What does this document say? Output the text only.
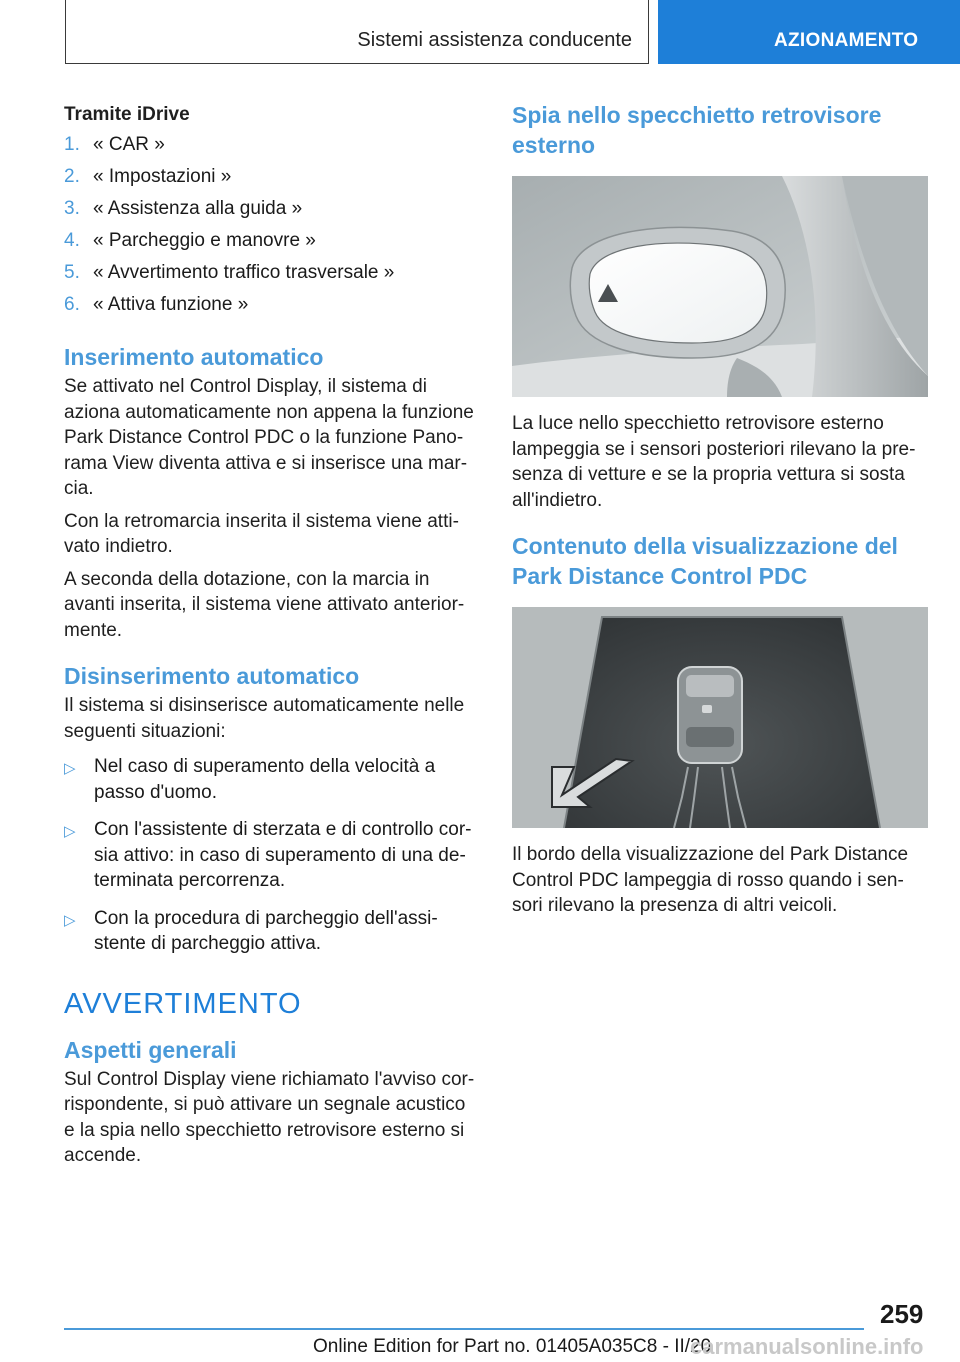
Sistemi assistenza conducente	AZIONAMENTO
Tramite iDrive
1. « CAR »
2. « Impostazioni »
3. « Assistenza alla guida »
4. « Parcheggio e manovre »
5. « Avvertimento traffico trasversale »
6. « Attiva funzione »
Inserimento automatico

Se attivato nel Control Display, il sistema di aziona automaticamente non appena la funzione Park Distance Control PDC o la funzione Panorama View diventa attiva e si inserisce una marcia.

Con la retromarcia inserita il sistema viene attivato indietro.

A seconda della dotazione, con la marcia in avanti inserita, il sistema viene attivato anteriormente.

Disinserimento automatico

Il sistema si disinserisce automaticamente nelle seguenti situazioni:

▷ Nel caso di superamento della velocità a passo d'uomo.
▷ Con l'assistente di sterzata e di controllo corsia attivo: in caso di superamento di una determinata percorrenza.
▷ Con la procedura di parcheggio dell'assistente di parcheggio attiva.
AVVERTIMENTO
Aspetti generali

Sul Control Display viene richiamato l'avviso corrispondente, si può attivare un segnale acustico e la spia nello specchietto retrovisore esterno si accende.

Spia nello specchietto retrovisore esterno

La luce nello specchietto retrovisore esterno lampeggia se i sensori posteriori rilevano la presenza di vetture e se la propria vettura si sosta all'indietro.

Contenuto della visualizzazione del Park Distance Control PDC

Il bordo della visualizzazione del Park Distance Control PDC lampeggia di rosso quando i sensori rilevano la presenza di altri veicoli.

259
Online Edition for Part no. 01405A035C8 - II/20
carmanualsonline.info
